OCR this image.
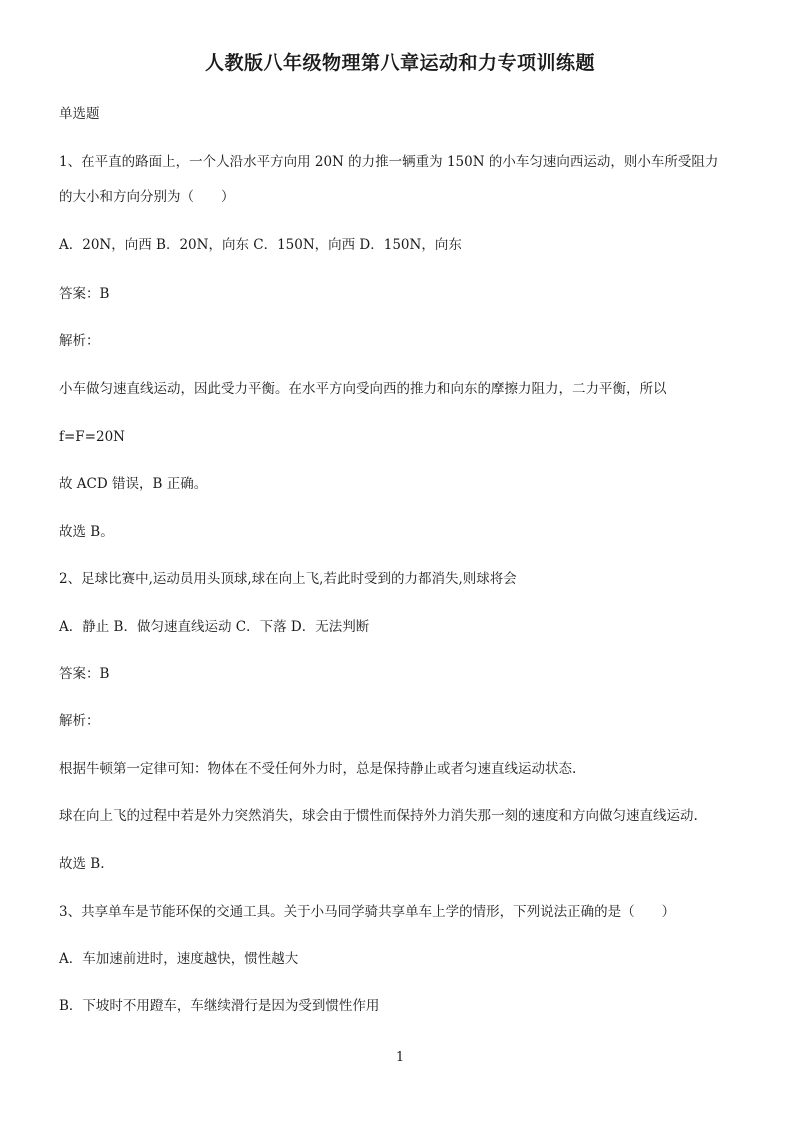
人教版八年级物理第八章运动和力专项训练题
单选题
1、在平直的路面上，一个人沿水平方向用 20N 的力推一辆重为 150N 的小车匀速向西运动，则小车所受阻力
的大小和方向分别为（　　）
A．20N，向西 B．20N，向东 C．150N，向西 D．150N，向东
答案：B
解析：
小车做匀速直线运动，因此受力平衡。在水平方向受向西的推力和向东的摩擦力阻力，二力平衡，所以
f=F=20N
故 ACD 错误，B 正确。
故选 B。
2、足球比赛中,运动员用头顶球,球在向上飞,若此时受到的力都消失,则球将会
A．静止 B．做匀速直线运动 C．下落 D．无法判断
答案：B
解析：
根据牛顿第一定律可知：物体在不受任何外力时，总是保持静止或者匀速直线运动状态.
球在向上飞的过程中若是外力突然消失，球会由于惯性而保持外力消失那一刻的速度和方向做匀速直线运动.
故选 B.
3、共享单车是节能环保的交通工具。关于小马同学骑共享单车上学的情形，下列说法正确的是（　　）
A．车加速前进时，速度越快，惯性越大
B．下坡时不用蹬车，车继续滑行是因为受到惯性作用
1
